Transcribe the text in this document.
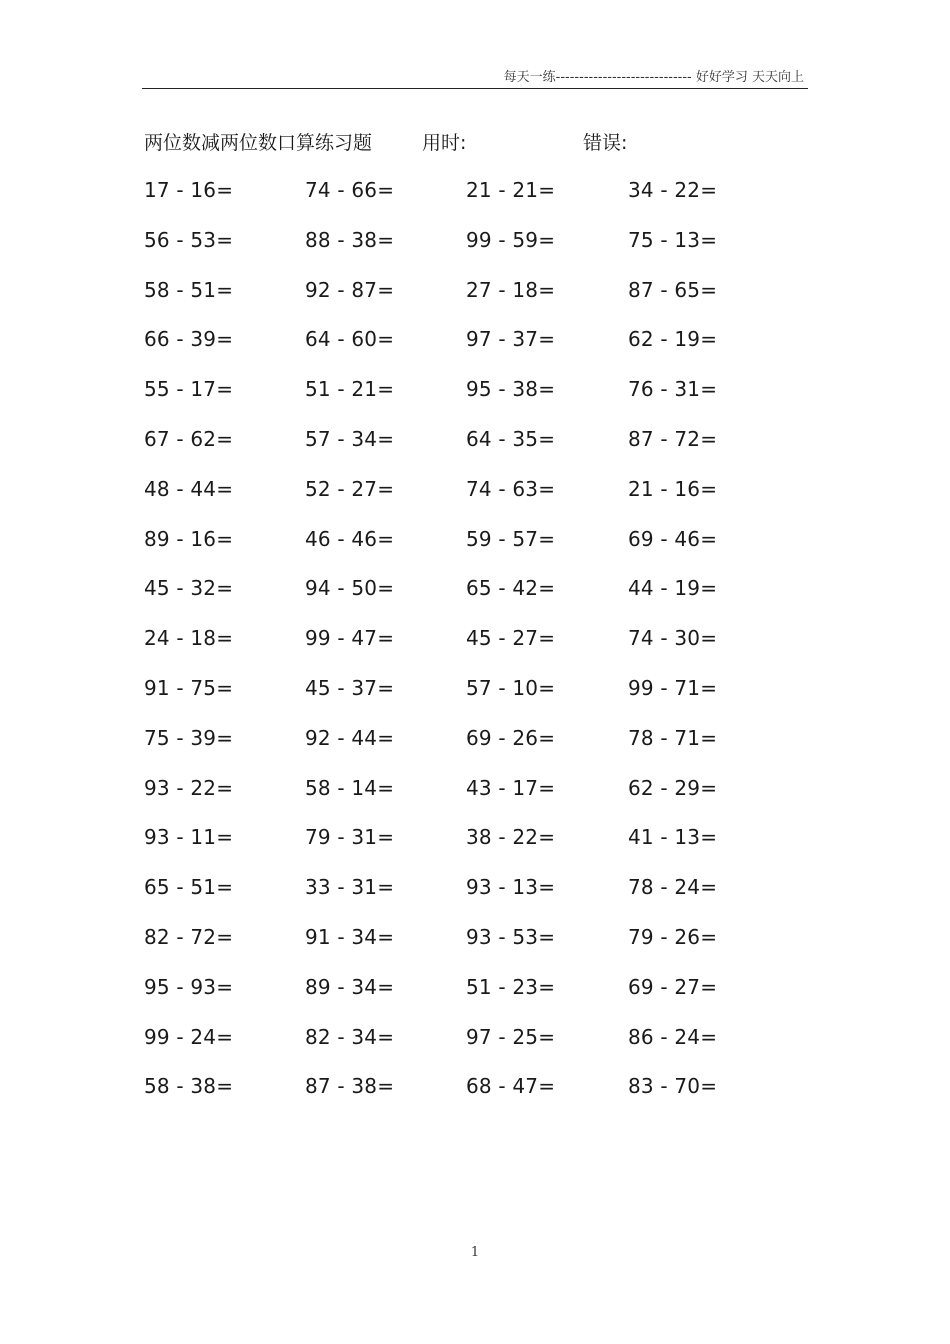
每天一练----------------------------- 好好学习 天天向上
两位数减两位数口算练习题	用时:	错误:
17 - 16=	74 - 66=	21 - 21=	34 - 22=
56 - 53=	88 - 38=	99 - 59=	75 - 13=
58 - 51=	92 - 87=	27 - 18=	87 - 65=
66 - 39=	64 - 60=	97 - 37=	62 - 19=
55 - 17=	51 - 21=	95 - 38=	76 - 31=
67 - 62=	57 - 34=	64 - 35=	87 - 72=
48 - 44=	52 - 27=	74 - 63=	21 - 16=
89 - 16=	46 - 46=	59 - 57=	69 - 46=
45 - 32=	94 - 50=	65 - 42=	44 - 19=
24 - 18=	99 - 47=	45 - 27=	74 - 30=
91 - 75=	45 - 37=	57 - 10=	99 - 71=
75 - 39=	92 - 44=	69 - 26=	78 - 71=
93 - 22=	58 - 14=	43 - 17=	62 - 29=
93 - 11=	79 - 31=	38 - 22=	41 - 13=
65 - 51=	33 - 31=	93 - 13=	78 - 24=
82 - 72=	91 - 34=	93 - 53=	79 - 26=
95 - 93=	89 - 34=	51 - 23=	69 - 27=
99 - 24=	82 - 34=	97 - 25=	86 - 24=
58 - 38=	87 - 38=	68 - 47=	83 - 70=
1
